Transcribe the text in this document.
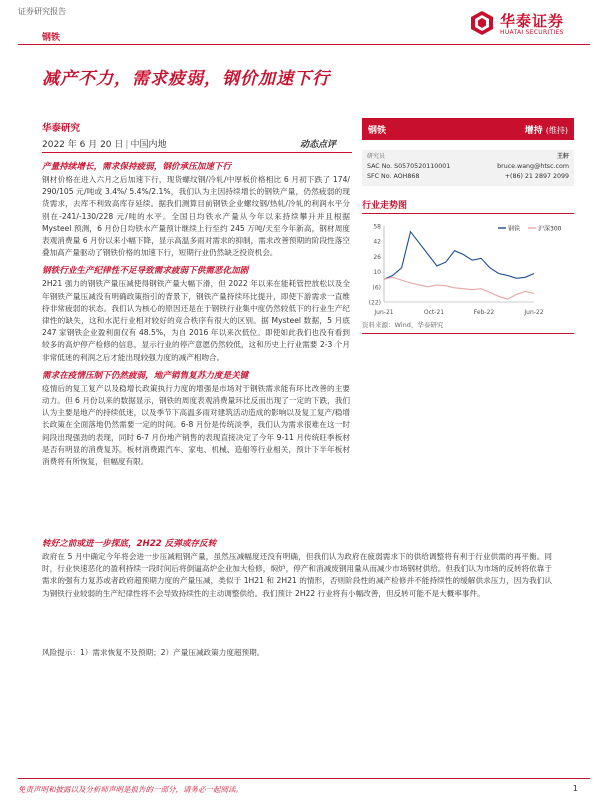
证券研究报告
华泰证券
HUATAI SECURITIES
钢铁
减产不力，需求疲弱，钢价加速下行
华泰研究
2022 年 6 月 20 日 | 中国内地	动态点评
产量持续增长，需求保持疲弱，钢价承压加速下行
钢材价格在进入六月之后加速下行，现货螺纹钢/冷轧/中厚板价格相比 6 月初下跌了 174/ 290/105 元/吨或 3.4%/ 5.4%/2.1%，我们认为主因持续增长的钢铁产量，仍然疲弱的现货需求，去库不利致高库存延续。据我们测算目前钢铁企业螺纹钢/热轧/冷轧的利润水平分别在-241/-130/228 元/吨的水平。全国日均铁水产量从今年以来持续攀升并且根据 Mysteel 预测，6 月份日均铁水产量预计继续上行至约 245 万吨/天至今年新高，钢材周度表观消费量 6 月份以来小幅下降，显示高温多雨对需求的抑制，需求改善预期的阶段性落空叠加高产量驱动了钢铁价格的加速下行，短期行业仍然缺乏投资机会。
钢铁行业生产纪律性不足导致需求疲弱下供需恶化加剧
2H21 强力的钢铁产量压减使得钢铁产量大幅下滑，但 2022 年以来在能耗管控放松以及全年钢铁产量压减没有明确政策指引的背景下，钢铁产量持续环比提升，即使下游需求一直维持非常疲弱的状态。我们认为核心的原因还是在于钢铁行业集中度仍然较低下的行业生产纪律性的缺失，这和水泥行业相对较好的竞合秩序有很大的区别。据 Mysteel 数据，5 月底 247 家钢铁企业盈利面仅有 48.5%，为自 2016 年以来次低位。即使如此我们也没有看到较多的高炉停产检修的信息，显示行业的停产意愿仍然较低，这和历史上行业需要 2-3 个月非常低迷的利润之后才能出现较强力度的减产相吻合。
需求在疫情压制下仍然疲弱，地产销售复苏力度是关键
疫情后的复工复产以及稳增长政策执行力度的增强是市场对于钢铁需求能有环比改善的主要动力。但 6 月份以来的数据显示，钢铁的周度表观消费量环比反而出现了一定的下跌，我们认为主要是地产的持续低迷，以及季节下高温多雨对建筑活动造成的影响以及复工复产/稳增长政策在全面落地仍然需要一定的时间。6-8 月份是传统淡季，我们认为需求很难在这一时间段出现强劲的表现，同时 6-7 月份地产销售的表现直接决定了今年 9-11 月传统旺季板材是否有明显的消费复苏。板材消费跟汽车、家电、机械、造船等行业相关，预计下半年板材消费将有所恢复，但幅度有限。
转好之前或进一步探底，2H22 反弹或存反转
政府在 5 月中确定今年将会进一步压减粗钢产量，虽然压减幅度还没有明确，但我们认为政府在疲弱需求下的供给调整将有利于行业供需的再平衡。同时，行业快速恶化的盈利持续一段时间后将倒逼高炉企业加大检修，焖炉，停产和消减废钢用量从而减少市场钢材供给。但我们认为市场的反转将依靠于需求的强有力复苏或者政府超预期力度的产量压减，类似于 1H21 和 2H21 的情形，否则阶段性的减产检修并不能持续性的缓解供求压力，因为我们认为钢铁行业较弱的生产纪律性将不会导致持续性的主动调整供给。我们预计 2H22 行业将有小幅改善，但反转可能不是大概率事件。
风险提示：1）需求恢复不及预期；2）产量压减政策力度超预期。
钢铁	增持 (维持)
研究员	王轩
SAC No. S0570520110001	bruce.wang@htsc.com
SFC No. AOH868	+(86) 21 2897 2099
行业走势图
58
42
26
10
(6)
(22)
Jun-21	Oct-21	Feb-22	Jun-22
钢铁	沪深300
资料来源：Wind，华泰研究
免责声明和披露以及分析师声明是报告的一部分，请务必一起阅读。	1
